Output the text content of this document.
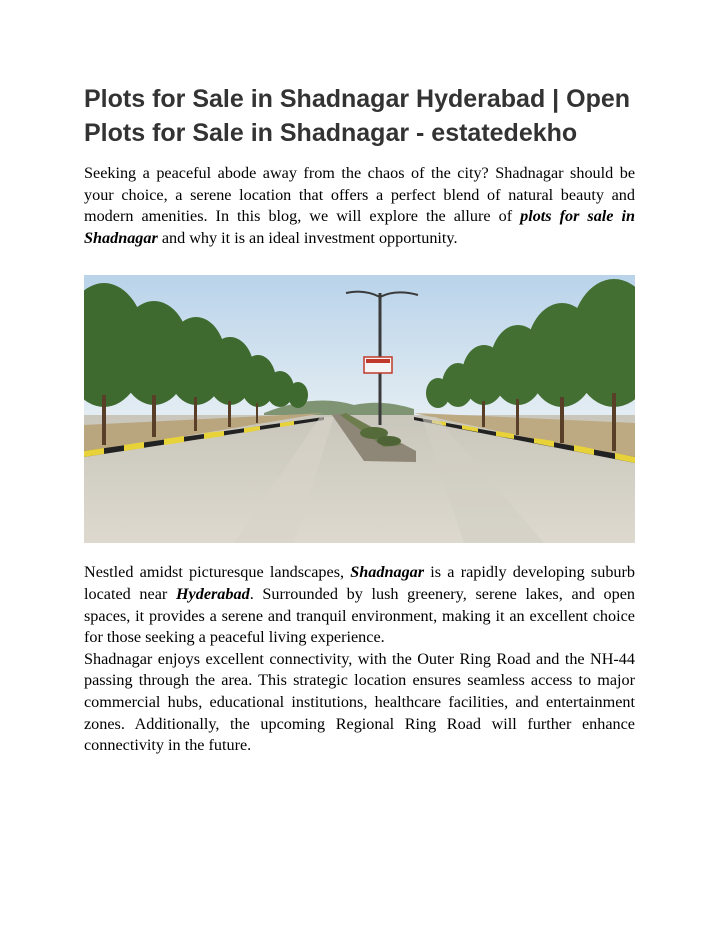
Plots for Sale in Shadnagar Hyderabad | Open Plots for Sale in Shadnagar - estatedekho

Seeking a peaceful abode away from the chaos of the city? Shadnagar should be your choice, a serene location that offers a perfect blend of natural beauty and modern amenities. In this blog, we will explore the allure of plots for sale in Shadnagar and why it is an ideal investment opportunity.

Nestled amidst picturesque landscapes, Shadnagar is a rapidly developing suburb located near Hyderabad. Surrounded by lush greenery, serene lakes, and open spaces, it provides a serene and tranquil environment, making it an excellent choice for those seeking a peaceful living experience.

Shadnagar enjoys excellent connectivity, with the Outer Ring Road and the NH-44 passing through the area. This strategic location ensures seamless access to major commercial hubs, educational institutions, healthcare facilities, and entertainment zones. Additionally, the upcoming Regional Ring Road will further enhance connectivity in the future.
